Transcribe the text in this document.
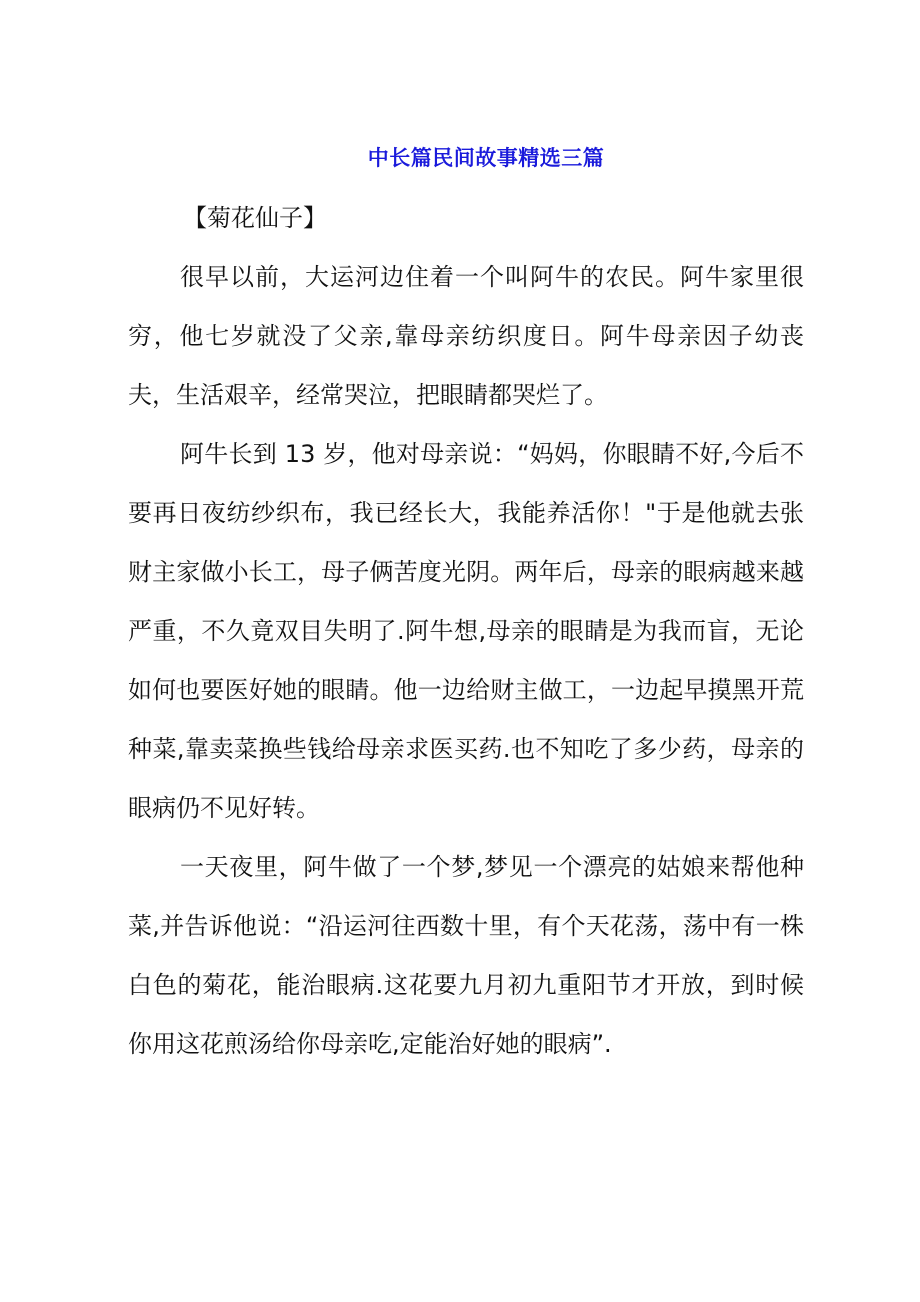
中长篇民间故事精选三篇
【菊花仙子】

很早以前，大运河边住着一个叫阿牛的农民。阿牛家里很穷，他七岁就没了父亲,靠母亲纺织度日。阿牛母亲因子幼丧夫，生活艰辛，经常哭泣，把眼睛都哭烂了。

阿牛长到 13 岁，他对母亲说：“妈妈，你眼睛不好,今后不要再日夜纺纱织布，我已经长大，我能养活你！"于是他就去张财主家做小长工，母子俩苦度光阴。两年后，母亲的眼病越来越严重，不久竟双目失明了.阿牛想,母亲的眼睛是为我而盲，无论如何也要医好她的眼睛。他一边给财主做工，一边起早摸黑开荒种菜,靠卖菜换些钱给母亲求医买药.也不知吃了多少药，母亲的眼病仍不见好转。

一天夜里，阿牛做了一个梦,梦见一个漂亮的姑娘来帮他种菜,并告诉他说：“沿运河往西数十里，有个天花荡，荡中有一株白色的菊花，能治眼病.这花要九月初九重阳节才开放，到时候你用这花煎汤给你母亲吃,定能治好她的眼病”.
